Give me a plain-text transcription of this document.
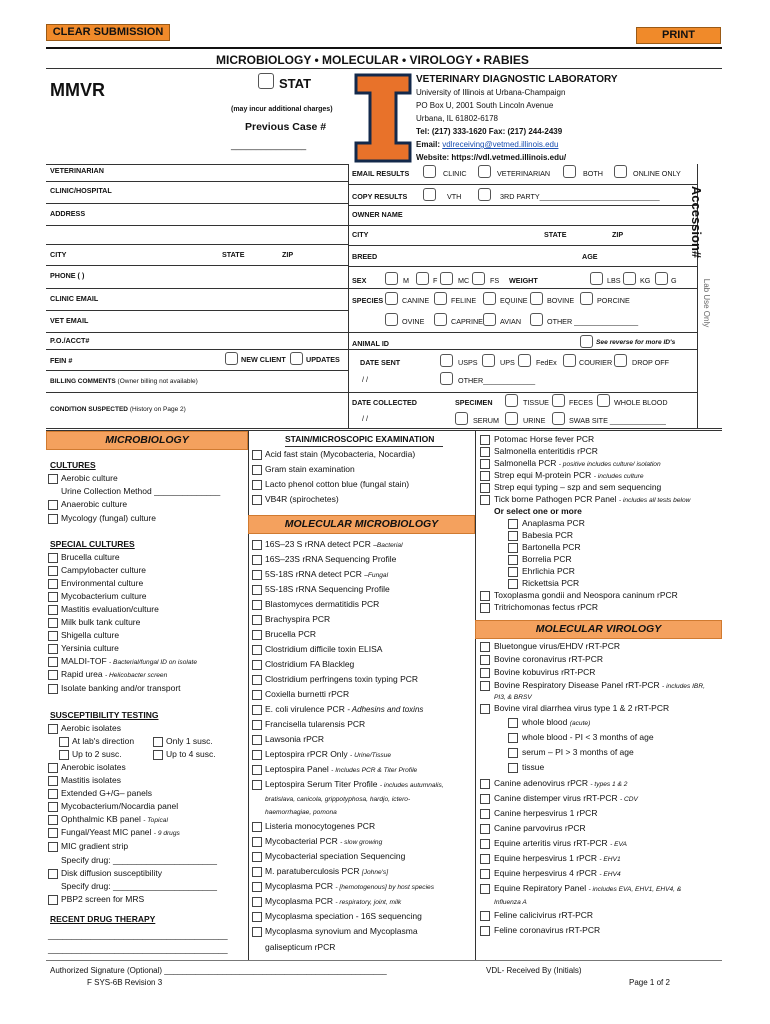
CLEAR SUBMISSION	PRINT
MICROBIOLOGY • MOLECULAR • VIROLOGY • RABIES
MMVR	STAT
(may incur additional charges)
Previous Case #
_______________
VETERINARY DIAGNOSTIC LABORATORY
University of Illinois at Urbana-Champaign
PO Box U, 2001 South Lincoln Avenue
Urbana, IL 61802-6178
Tel: (217) 333-1620 Fax: (217) 244-2439
Email: vdlreceiving@vetmed.illinois.edu
Website: https://vdl.vetmed.illinois.edu/
VETERINARIAN
CLINIC/HOSPITAL
ADDRESS
CITY	STATE	ZIP
PHONE ( )
CLINIC EMAIL
VET EMAIL
P.O./ACCT#
FEIN #	NEW CLIENT	UPDATES
BILLING COMMENTS (Owner billing not available)
CONDITION SUSPECTED (History on Page 2)
EMAIL RESULTS	CLINIC	VETERINARIAN	BOTH	ONLINE ONLY
COPY RESULTS	VTH	3RD PARTY______________________________
OWNER NAME
CITY	STATE	ZIP
BREED	AGE
SEX	M	F	MC	FS WEIGHT	LBS	KG	G
SPECIES	CANINE	FELINE	EQUINE	BOVINE	PORCINE
OVINE	CAPRINE AVIAN	OTHER ________________
ANIMAL ID	See reverse for more ID's
DATE SENT
/ /
USPS	UPS	FedEx	COURIER	DROP OFF
OTHER_____________
DATE COLLECTED
/ /
SPECIMEN	TISSUE	FECES	WHOLE BLOOD
SERUM	URINE	SWAB SITE ______________
Accession#
Lab Use Only
MICROBIOLOGY
CULTURES
Aerobic culture
Urine Collection Method ______________
Anaerobic culture
Mycology (fungal) culture
SPECIAL CULTURES
Brucella culture
Campylobacter culture
Environmental culture
Mycobacterium culture
Mastitis evaluation/culture
Milk bulk tank culture
Shigella culture
Yersinia culture
MALDI-TOF - Bacterial/fungal ID on isolate
Rapid urea - Helicobacter screen
Isolate banking and/or transport
SUSCEPTIBILITY TESTING
Aerobic isolates
At lab's direction	Only 1 susc.
Up to 2 susc.	Up to 4 susc.
Anerobic isolates
Mastitis isolates
Extended G+/G– panels
Mycobacterium/Nocardia panel
Ophthalmic KB panel - Topical
Fungal/Yeast MIC panel - 9 drugs
MIC gradient strip
Specify drug: ______________________
Disk diffusion susceptibility
Specify drug: ______________________
PBP2 screen for MRS
RECENT DRUG THERAPY
______________________________________
______________________________________
STAIN/MICROSCOPIC EXAMINATION
Acid fast stain (Mycobacteria, Nocardia)
Gram stain examination
Lacto phenol cotton blue (fungal stain)
VB4R (spirochetes)
MOLECULAR MICROBIOLOGY
16S–23 S rRNA detect PCR –Bacterial
16S–23S rRNA Sequencing Profile
5S-18S rRNA detect PCR –Fungal
5S-18S rRNA Sequencing Profile
Blastomyces dermatitidis PCR
Brachyspira PCR
Brucella PCR
Clostridium difficile toxin ELISA
Clostridium FA Blackleg
Clostridium perfringens toxin typing PCR
Coxiella burnetti rPCR
E. coli virulence PCR - Adhesins and toxins
Francisella tularensis PCR
Lawsonia rPCR
Leptospira rPCR Only - Urine/Tissue
Leptospira Panel - Includes PCR & Titer Profile
Leptospira Serum Titer Profile - includes autumnalis,
bratislava, canicola, grippotyphosa, hardjo, ictero-
haemorrhagiae, pomona
Listeria monocytogenes PCR
Mycobacterial PCR - slow growing
Mycobacterial speciation Sequencing
M. paratuberculosis PCR [Johne's]
Mycoplasma PCR - [hemotogenous] by host species
Mycoplasma PCR - respiratory, joint, milk
Mycoplasma speciation - 16S sequencing
Mycoplasma synovium and Mycoplasma
galisepticum rPCR
Potomac Horse fever PCR
Salmonella enteritidis rPCR
Salmonella PCR - positive includes culture/ isolation
Strep equi M-protein PCR - includes culture
Strep equi typing – szp and sem sequencing
Tick borne Pathogen PCR Panel - includes all tests below
Or select one or more
Anaplasma PCR
Babesia PCR
Bartonella PCR
Borrelia PCR
Ehrlichia PCR
Rickettsia PCR
Toxoplasma gondii and Neospora caninum rPCR
Tritrichomonas fectus rPCR
MOLECULAR VIROLOGY
Bluetongue virus/EHDV rRT-PCR
Bovine coronavirus rRT-PCR
Bovine kobuvirus rRT-PCR
Bovine Respiratory Disease Panel rRT-PCR - includes IBR,
PI3, & BRSV
Bovine viral diarrhea virus type 1 & 2 rRT-PCR
whole blood (acute)
whole blood - PI < 3 months of age
serum – PI > 3 months of age
tissue
Canine adenovirus rPCR - types 1 & 2
Canine distemper virus rRT-PCR - CDV
Canine herpesvirus 1 rPCR
Canine parvovirus rPCR
Equine arteritis virus rRT-PCR - EVA
Equine herpesvirus 1 rPCR - EHV1
Equine herpesvirus 4 rPCR - EHV4
Equine Repiratory Panel - includes EVA, EHV1, EHV4, &
Influenza A
Feline calicivirus rRT-PCR
Feline coronavirus rRT-PCR
Authorized Signature (Optional) __________________________________________________
F SYS-6B Revision 3
VDL- Received By (Initials)
Page 1 of 2
